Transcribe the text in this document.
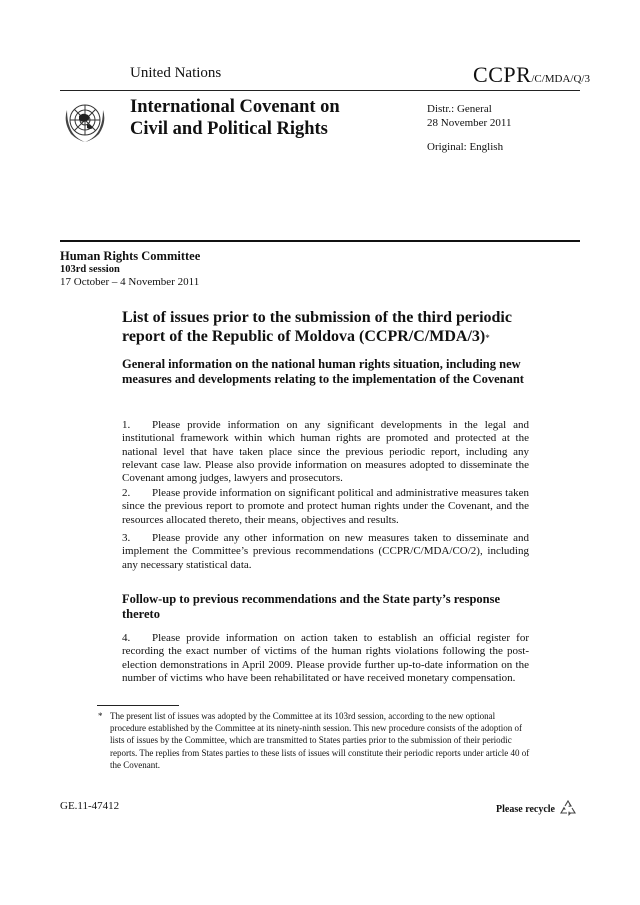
United Nations	CCPR/C/MDA/Q/3
International Covenant on
Civil and Political Rights
Distr.: General
28 November 2011
Original: English
Human Rights Committee
103rd session
17 October – 4 November 2011
List of issues prior to the submission of the third periodic report of the Republic of Moldova (CCPR/C/MDA/3)*
General information on the national human rights situation, including new measures and developments relating to the implementation of the Covenant
1. Please provide information on any significant developments in the legal and institutional framework within which human rights are promoted and protected at the national level that have taken place since the previous periodic report, including any relevant case law. Please also provide information on measures adopted to disseminate the Covenant among judges, lawyers and prosecutors.
2. Please provide information on significant political and administrative measures taken since the previous report to promote and protect human rights under the Covenant, and the resources allocated thereto, their means, objectives and results.
3. Please provide any other information on new measures taken to disseminate and implement the Committee’s previous recommendations (CCPR/C/MDA/CO/2), including any necessary statistical data.
Follow-up to previous recommendations and the State party’s response thereto
4. Please provide information on action taken to establish an official register for recording the exact number of victims of the human rights violations following the post-election demonstrations in April 2009. Please provide further up-to-date information on the number of victims who have been rehabilitated or have received monetary compensation.
* The present list of issues was adopted by the Committee at its 103rd session, according to the new optional procedure established by the Committee at its ninety-ninth session. This new procedure consists of the adoption of lists of issues by the Committee, which are transmitted to States parties prior to the submission of their periodic reports. The replies from States parties to these lists of issues will constitute their periodic reports under article 40 of the Covenant.
GE.11-47412	Please recycle
